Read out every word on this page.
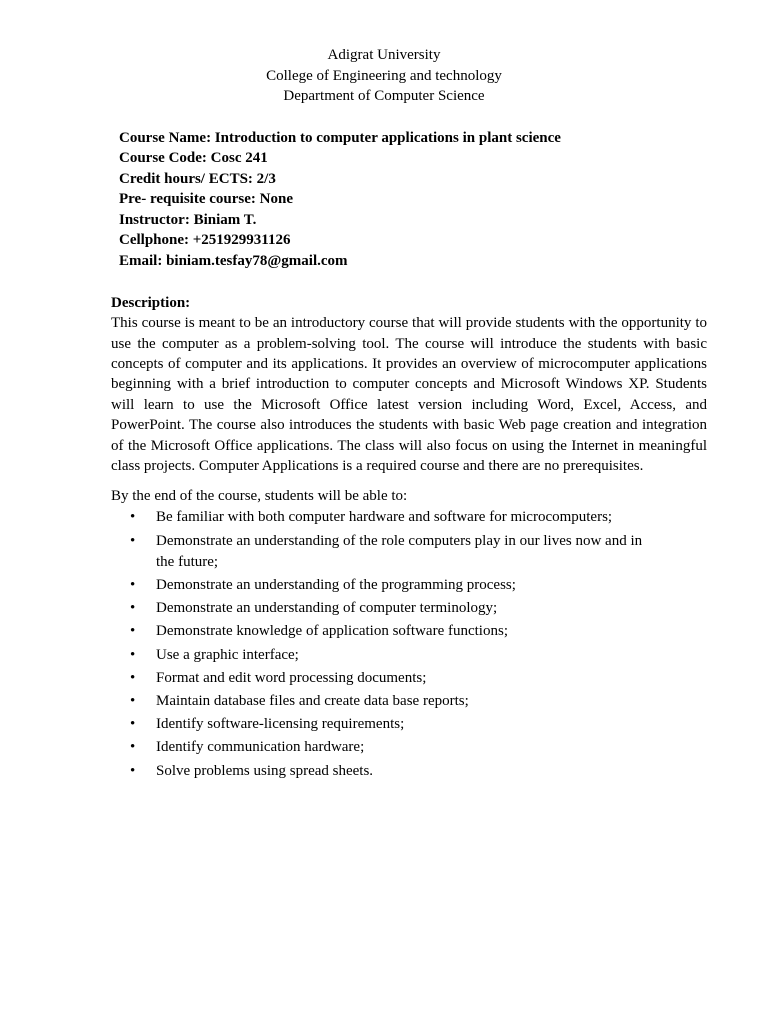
Adigrat University
College of Engineering and technology
Department of Computer Science
Course Name: Introduction to computer applications in plant science
Course Code: Cosc 241
Credit hours/ ECTS: 2/3
Pre- requisite course: None
Instructor: Biniam T.
Cellphone: +251929931126
Email: biniam.tesfay78@gmail.com
Description:
This course is meant to be an introductory course that will provide students with the opportunity to use the computer as a problem-solving tool. The course will introduce the students with basic concepts of computer and its applications. It provides an overview of microcomputer applications beginning with a brief introduction to computer concepts and Microsoft Windows XP. Students will learn to use the Microsoft Office latest version including Word, Excel, Access, and PowerPoint. The course also introduces the students with basic Web page creation and integration of the Microsoft Office applications. The class will also focus on using the Internet in meaningful class projects. Computer Applications is a required course and there are no prerequisites.
By the end of the course, students will be able to:
• Be familiar with both computer hardware and software for microcomputers;
• Demonstrate an understanding of the role computers play in our lives now and in the future;
• Demonstrate an understanding of the programming process;
• Demonstrate an understanding of computer terminology;
• Demonstrate knowledge of application software functions;
• Use a graphic interface;
• Format and edit word processing documents;
• Maintain database files and create data base reports;
• Identify software-licensing requirements;
• Identify communication hardware;
• Solve problems using spread sheets.
